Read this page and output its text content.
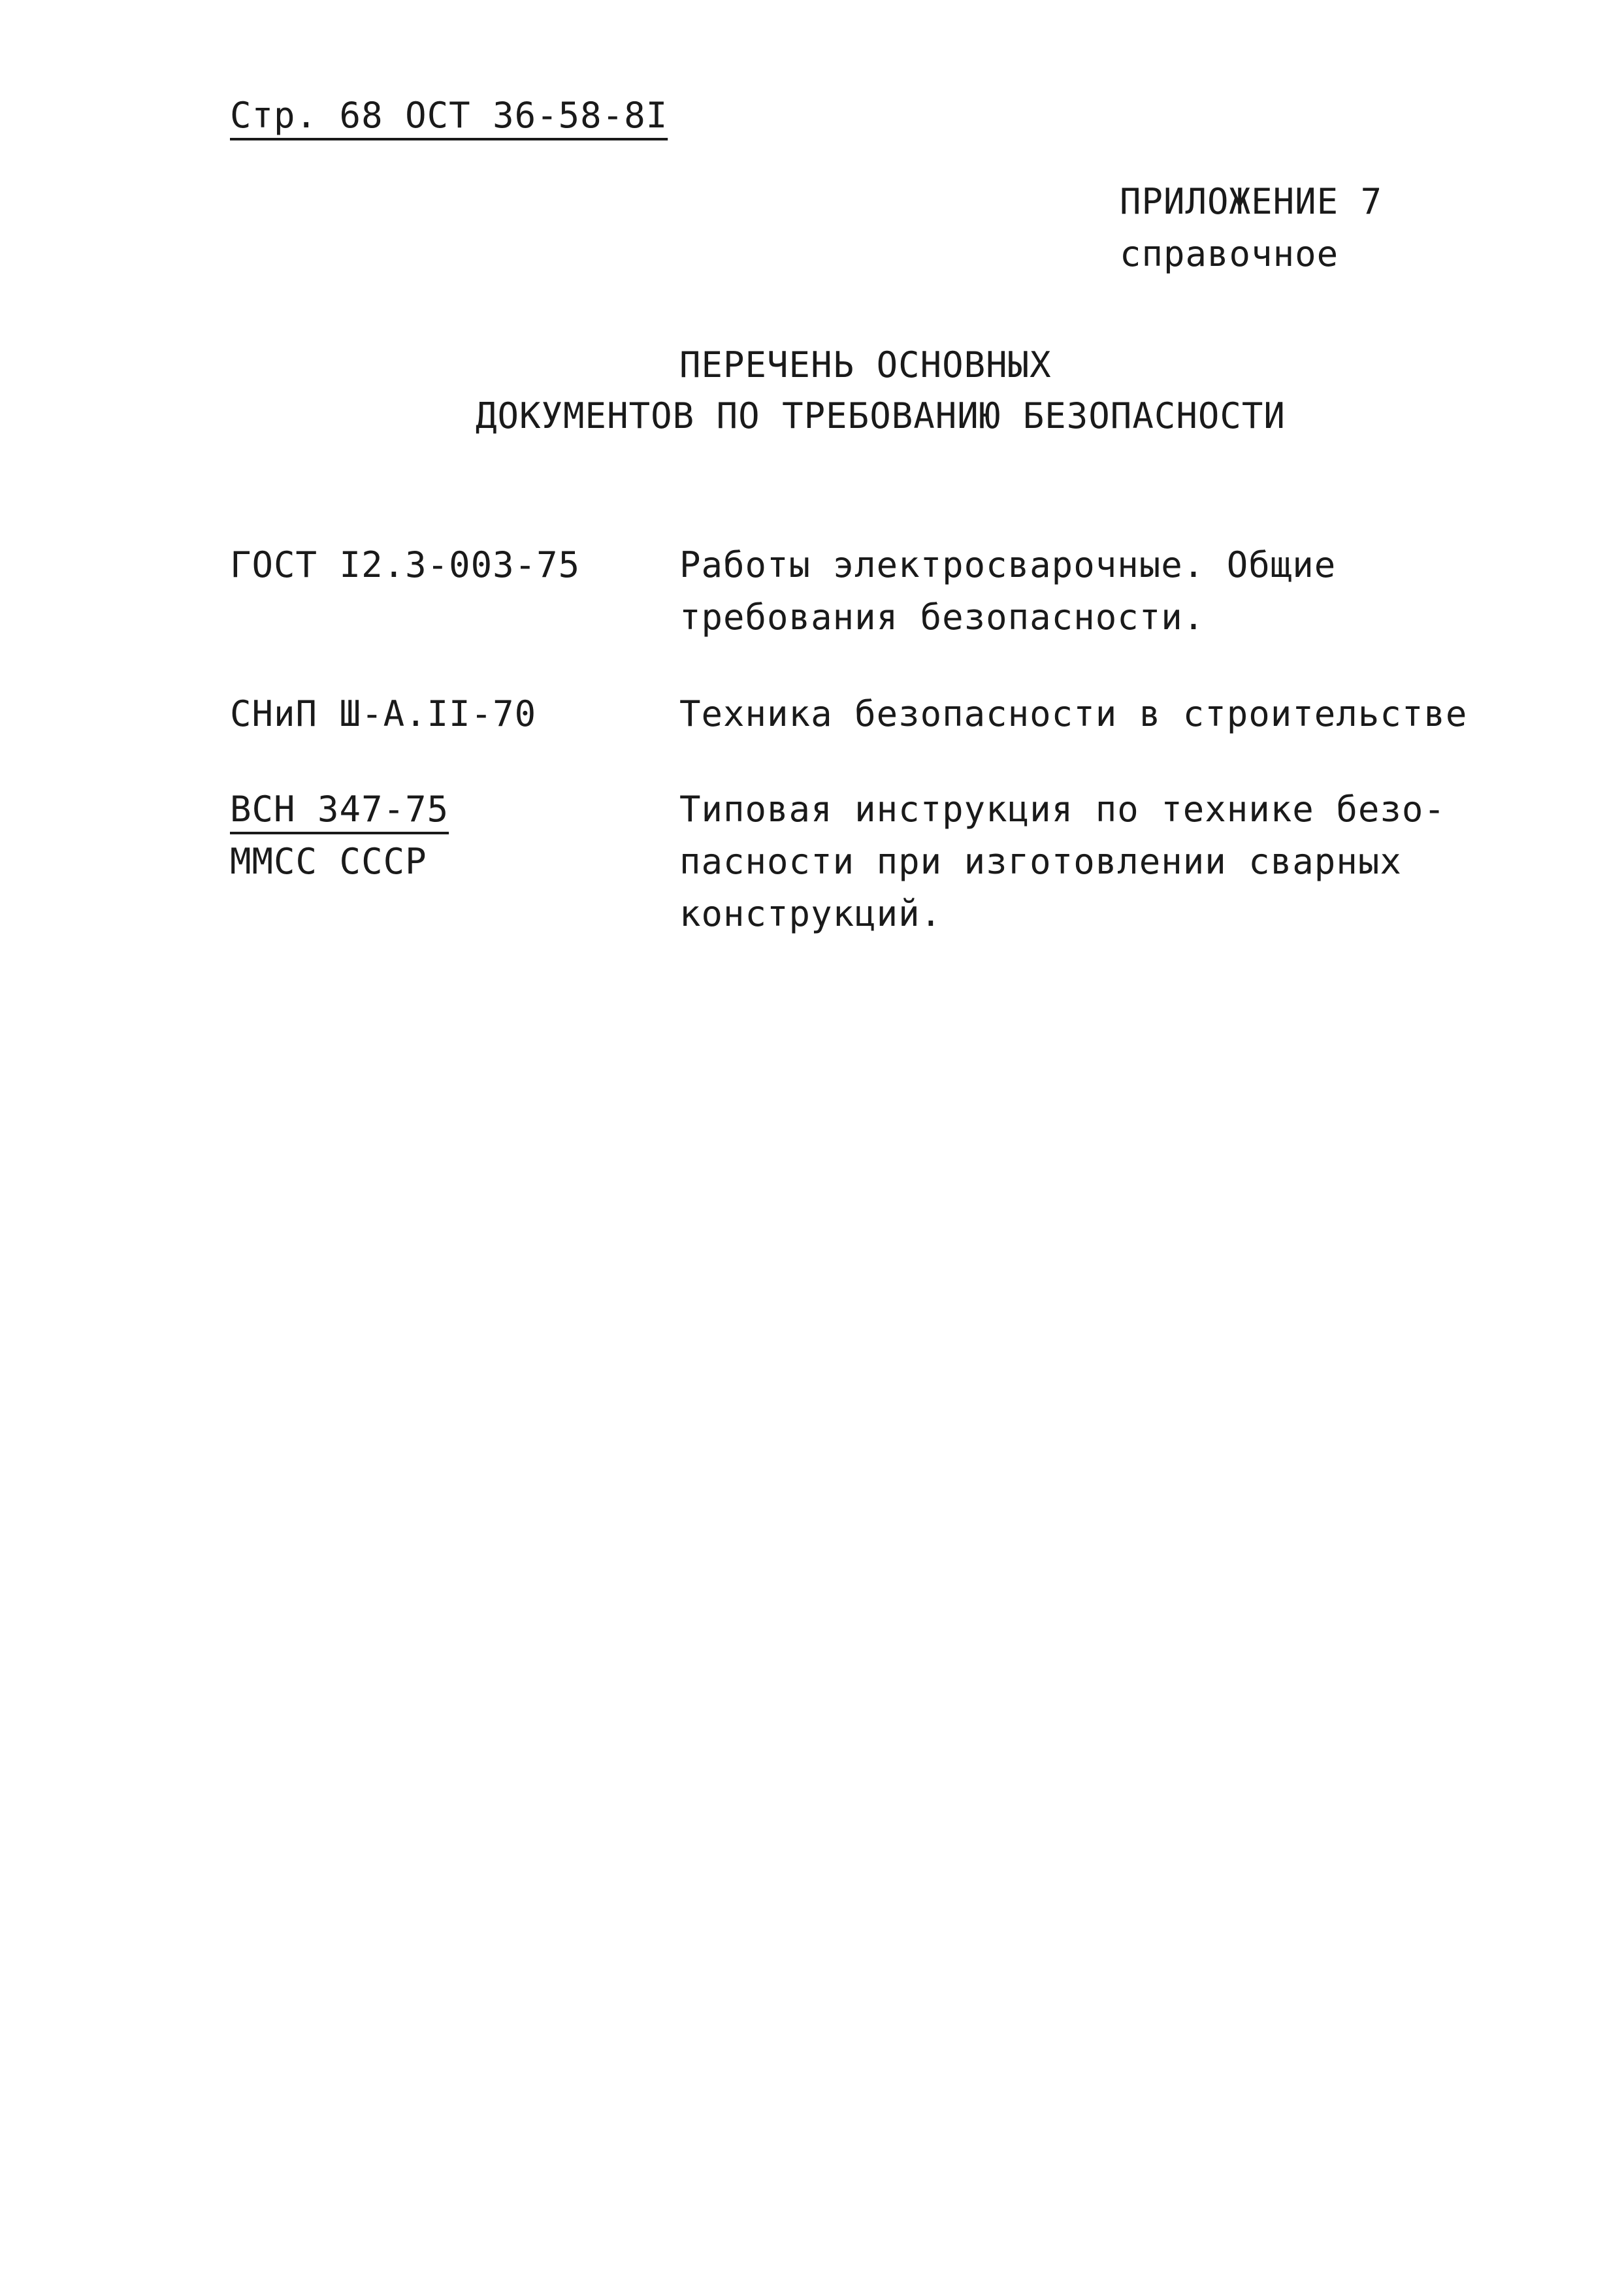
Стр. 68 ОСТ 36-58-8I
ПРИЛОЖЕНИЕ 7
справочное
ПЕРЕЧЕНЬ ОСНОВНЫХ
ДОКУМЕНТОВ ПО ТРЕБОВАНИЮ БЕЗОПАСНОСТИ
ГОСТ I2.3-003-75	Работы электросварочные. Общие
требования безопасности.
СНиП Ш-А.II-70	Техника безопасности в строительстве
ВСН 347-75
ММСС СССР
Типовая инструкция по технике безо-
пасности при изготовлении сварных
конструкций.
